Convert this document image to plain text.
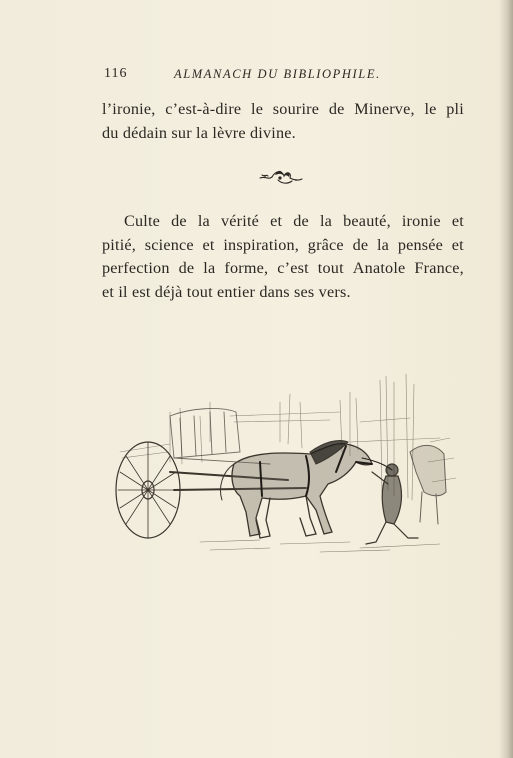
116	ALMANACH DU BIBLIOPHILE.
l’ironie, c’est-à-dire le sourire de Minerve, le pli
du dédain sur la lèvre divine.
Culte de la vérité et de la beauté, ironie et
pitié, science et inspiration, grâce de la pensée et
perfection de la forme, c’est tout Anatole France,
et il est déjà tout entier dans ses vers.
